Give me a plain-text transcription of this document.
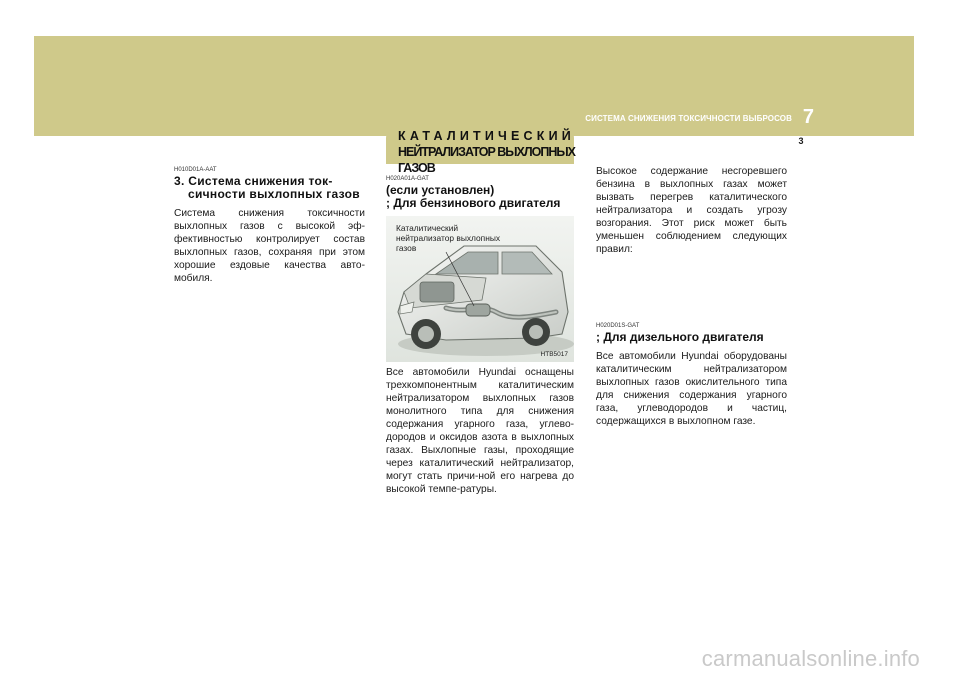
СИСТЕМА СНИЖЕНИЯ ТОКСИЧНОСТИ ВЫБРОСОВ 7
3
КАТАЛИТИЧЕСКИЙ
НЕЙТРАЛИЗАТОР ВЫХЛОПНЫХ
ГАЗОВ
H010D01A-AAT
3. Система снижения ток-
сичности выхлопных газов
Система снижения токсичности выхлопных газов с высокой эф-фективностью контролирует состав выхлопных газов, сохраняя при этом хорошие ездовые качества авто-мобиля.
H020A01A-GAT
(если установлен)
; Для бензинового двигателя
Каталитический нейтрализатор выхлопных газов
HTB5017
Все автомобили Hyundai оснащены трехкомпонентным каталитическим нейтрализатором выхлопных газов монолитного типа для снижения содержания угарного газа, углево-дородов и оксидов азота в выхлопных газах. Выхлопные газы, проходящие через каталитический нейтрализатор, могут стать причи-ной его нагрева до высокой темпе-ратуры.
Высокое содержание несгоревшего бензина в выхлопных газах может вызвать перегрев каталитического нейтрализатора и создать угрозу возгорания. Этот риск может быть уменьшен соблюдением следующих правил:
H020D01S-GAT
; Для дизельного двигателя
Все автомобили Hyundai оборудованы каталитическим нейтрализатором выхлопных газов окислительного типа для снижения содержания угарного газа, углеводородов и частиц, содержащихся в выхлопном газе.
carmanualsonline.info
